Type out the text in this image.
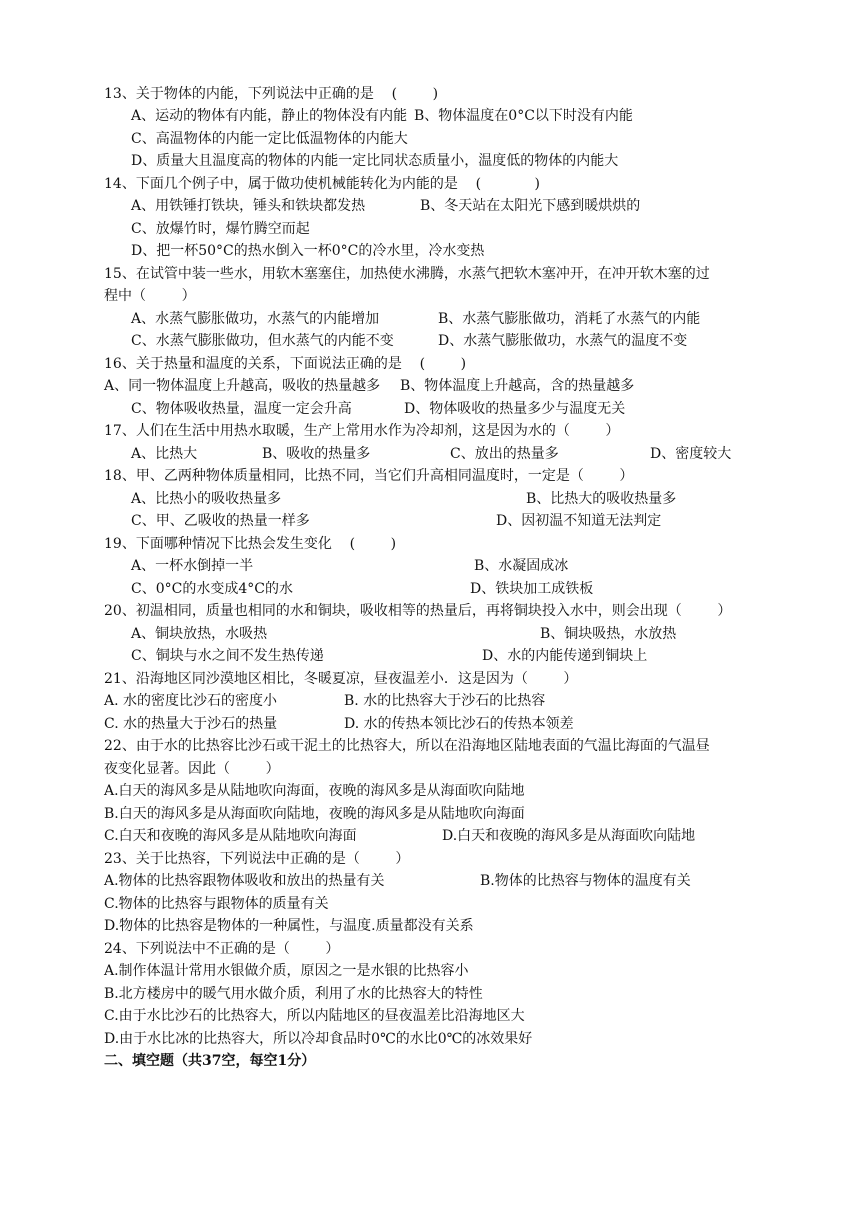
13、关于物体的内能，下列说法中正确的是    (        )
A、运动的物体有内能，静止的物体没有内能 B、物体温度在0°C以下时没有内能
C、高温物体的内能一定比低温物体的内能大
D、质量大且温度高的物体的内能一定比同状态质量小，温度低的物体的内能大
14、下面几个例子中，属于做功使机械能转化为内能的是    (            )
A、用铁锤打铁块，锤头和铁块都发热	B、冬天站在太阳光下感到暖烘烘的
C、放爆竹时，爆竹腾空而起
D、把一杯50°C的热水倒入一杯0°C的冷水里，冷水变热
15、在试管中装一些水，用软木塞塞住，加热使水沸腾，水蒸气把软木塞冲开，在冲开软木塞的过
程中（        ）
A、水蒸气膨胀做功，水蒸气的内能增加	B、水蒸气膨胀做功，消耗了水蒸气的内能
C、水蒸气膨胀做功，但水蒸气的内能不变	D、水蒸气膨胀做功，水蒸气的温度不变
16、关于热量和温度的关系，下面说法正确的是    (        )
A、同一物体温度上升越高，吸收的热量越多 B、物体温度上升越高，含的热量越多
C、物体吸收热量，温度一定会升高	D、物体吸收的热量多少与温度无关
17、人们在生活中用热水取暖，生产上常用水作为冷却剂，这是因为水的（        ）
A、比热大	B、吸收的热量多	C、放出的热量多	D、密度较大
18、甲、乙两种物体质量相同，比热不同，当它们升高相同温度时，一定是（        ）
A、比热小的吸收热量多	B、比热大的吸收热量多
C、甲、乙吸收的热量一样多	D、因初温不知道无法判定
19、下面哪种情况下比热会发生变化    (        )
A、一杯水倒掉一半	B、水凝固成冰
C、0°C的水变成4°C的水	D、铁块加工成铁板
20、初温相同，质量也相同的水和铜块，吸收相等的热量后，再将铜块投入水中，则会出现（        ）
A、铜块放热，水吸热	B、铜块吸热，水放热
C、铜块与水之间不发生热传递	D、水的内能传递到铜块上
21、沿海地区同沙漠地区相比，冬暖夏凉，昼夜温差小．这是因为（        ）
A. 水的密度比沙石的密度小	B. 水的比热容大于沙石的比热容
C. 水的热量大于沙石的热量	D. 水的传热本领比沙石的传热本领差
22、由于水的比热容比沙石或干泥土的比热容大，所以在沿海地区陆地表面的气温比海面的气温昼
夜变化显著。因此（        ）
A.白天的海风多是从陆地吹向海面，夜晚的海风多是从海面吹向陆地
B.白天的海风多是从海面吹向陆地，夜晚的海风多是从陆地吹向海面
C.白天和夜晚的海风多是从陆地吹向海面	D.白天和夜晚的海风多是从海面吹向陆地
23、关于比热容，下列说法中正确的是（        ）
A.物体的比热容跟物体吸收和放出的热量有关	B.物体的比热容与物体的温度有关
C.物体的比热容与跟物体的质量有关
D.物体的比热容是物体的一种属性，与温度.质量都没有关系
24、下列说法中不正确的是（        ）
A.制作体温计常用水银做介质，原因之一是水银的比热容小
B.北方楼房中的暖气用水做介质，利用了水的比热容大的特性
C.由于水比沙石的比热容大，所以内陆地区的昼夜温差比沿海地区大
D.由于水比冰的比热容大，所以冷却食品时0℃的水比0℃的冰效果好
二、填空题（共37空，每空1分）
